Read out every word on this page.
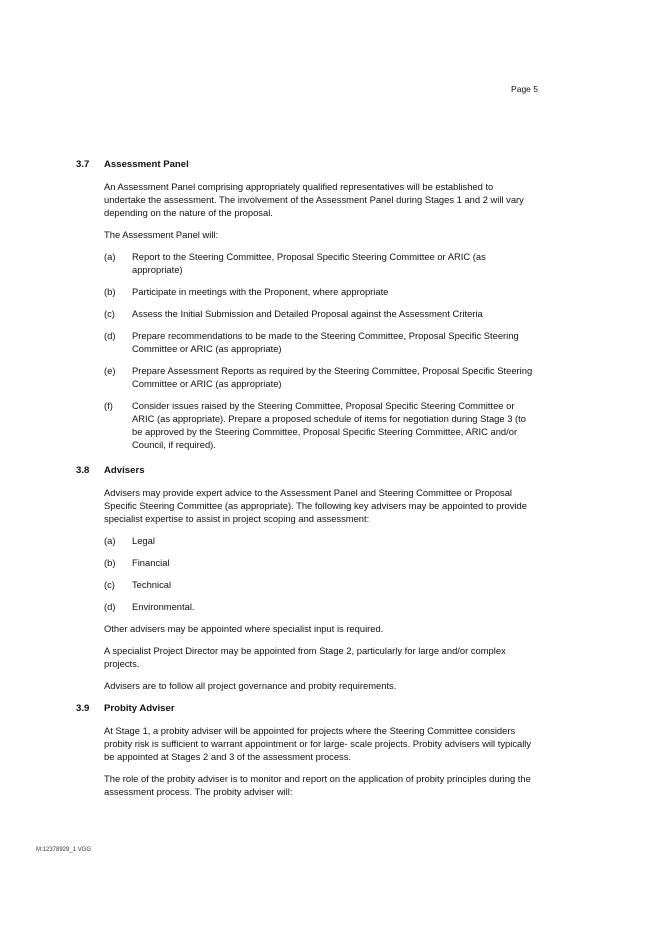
Page 5
3.7	Assessment Panel

An Assessment Panel comprising appropriately qualified representatives will be established to undertake the assessment. The involvement of the Assessment Panel during Stages 1 and 2 will vary depending on the nature of the proposal.

The Assessment Panel will:

(a)	Report to the Steering Committee, Proposal Specific Steering Committee or ARIC (as appropriate)
(b)	Participate in meetings with the Proponent, where appropriate
(c)	Assess the Initial Submission and Detailed Proposal against the Assessment Criteria
(d)	Prepare recommendations to be made to the Steering Committee, Proposal Specific Steering Committee or ARIC (as appropriate)
(e)	Prepare Assessment Reports as required by the Steering Committee, Proposal Specific Steering Committee or ARIC (as appropriate)
(f)	Consider issues raised by the Steering Committee, Proposal Specific Steering Committee or ARIC (as appropriate). Prepare a proposed schedule of items for negotiation during Stage 3 (to be approved by the Steering Committee, Proposal Specific Steering Committee, ARIC and/or Council, if required).
3.8	Advisers

Advisers may provide expert advice to the Assessment Panel and Steering Committee or Proposal Specific Steering Committee (as appropriate). The following key advisers may be appointed to provide specialist expertise to assist in project scoping and assessment:

(a)	Legal
(b)	Financial
(c)	Technical
(d)	Environmental.

Other advisers may be appointed where specialist input is required.

A specialist Project Director may be appointed from Stage 2, particularly for large and/or complex projects.

Advisers are to follow all project governance and probity requirements.

3.9	Probity Adviser

At Stage 1, a probity adviser will be appointed for projects where the Steering Committee considers probity risk is sufficient to warrant appointment or for large- scale projects. Probity advisers will typically be appointed at Stages 2 and 3 of the assessment process.

The role of the probity adviser is to monitor and report on the application of probity principles during the assessment process. The probity adviser will:

M:12378929_1 VGG
